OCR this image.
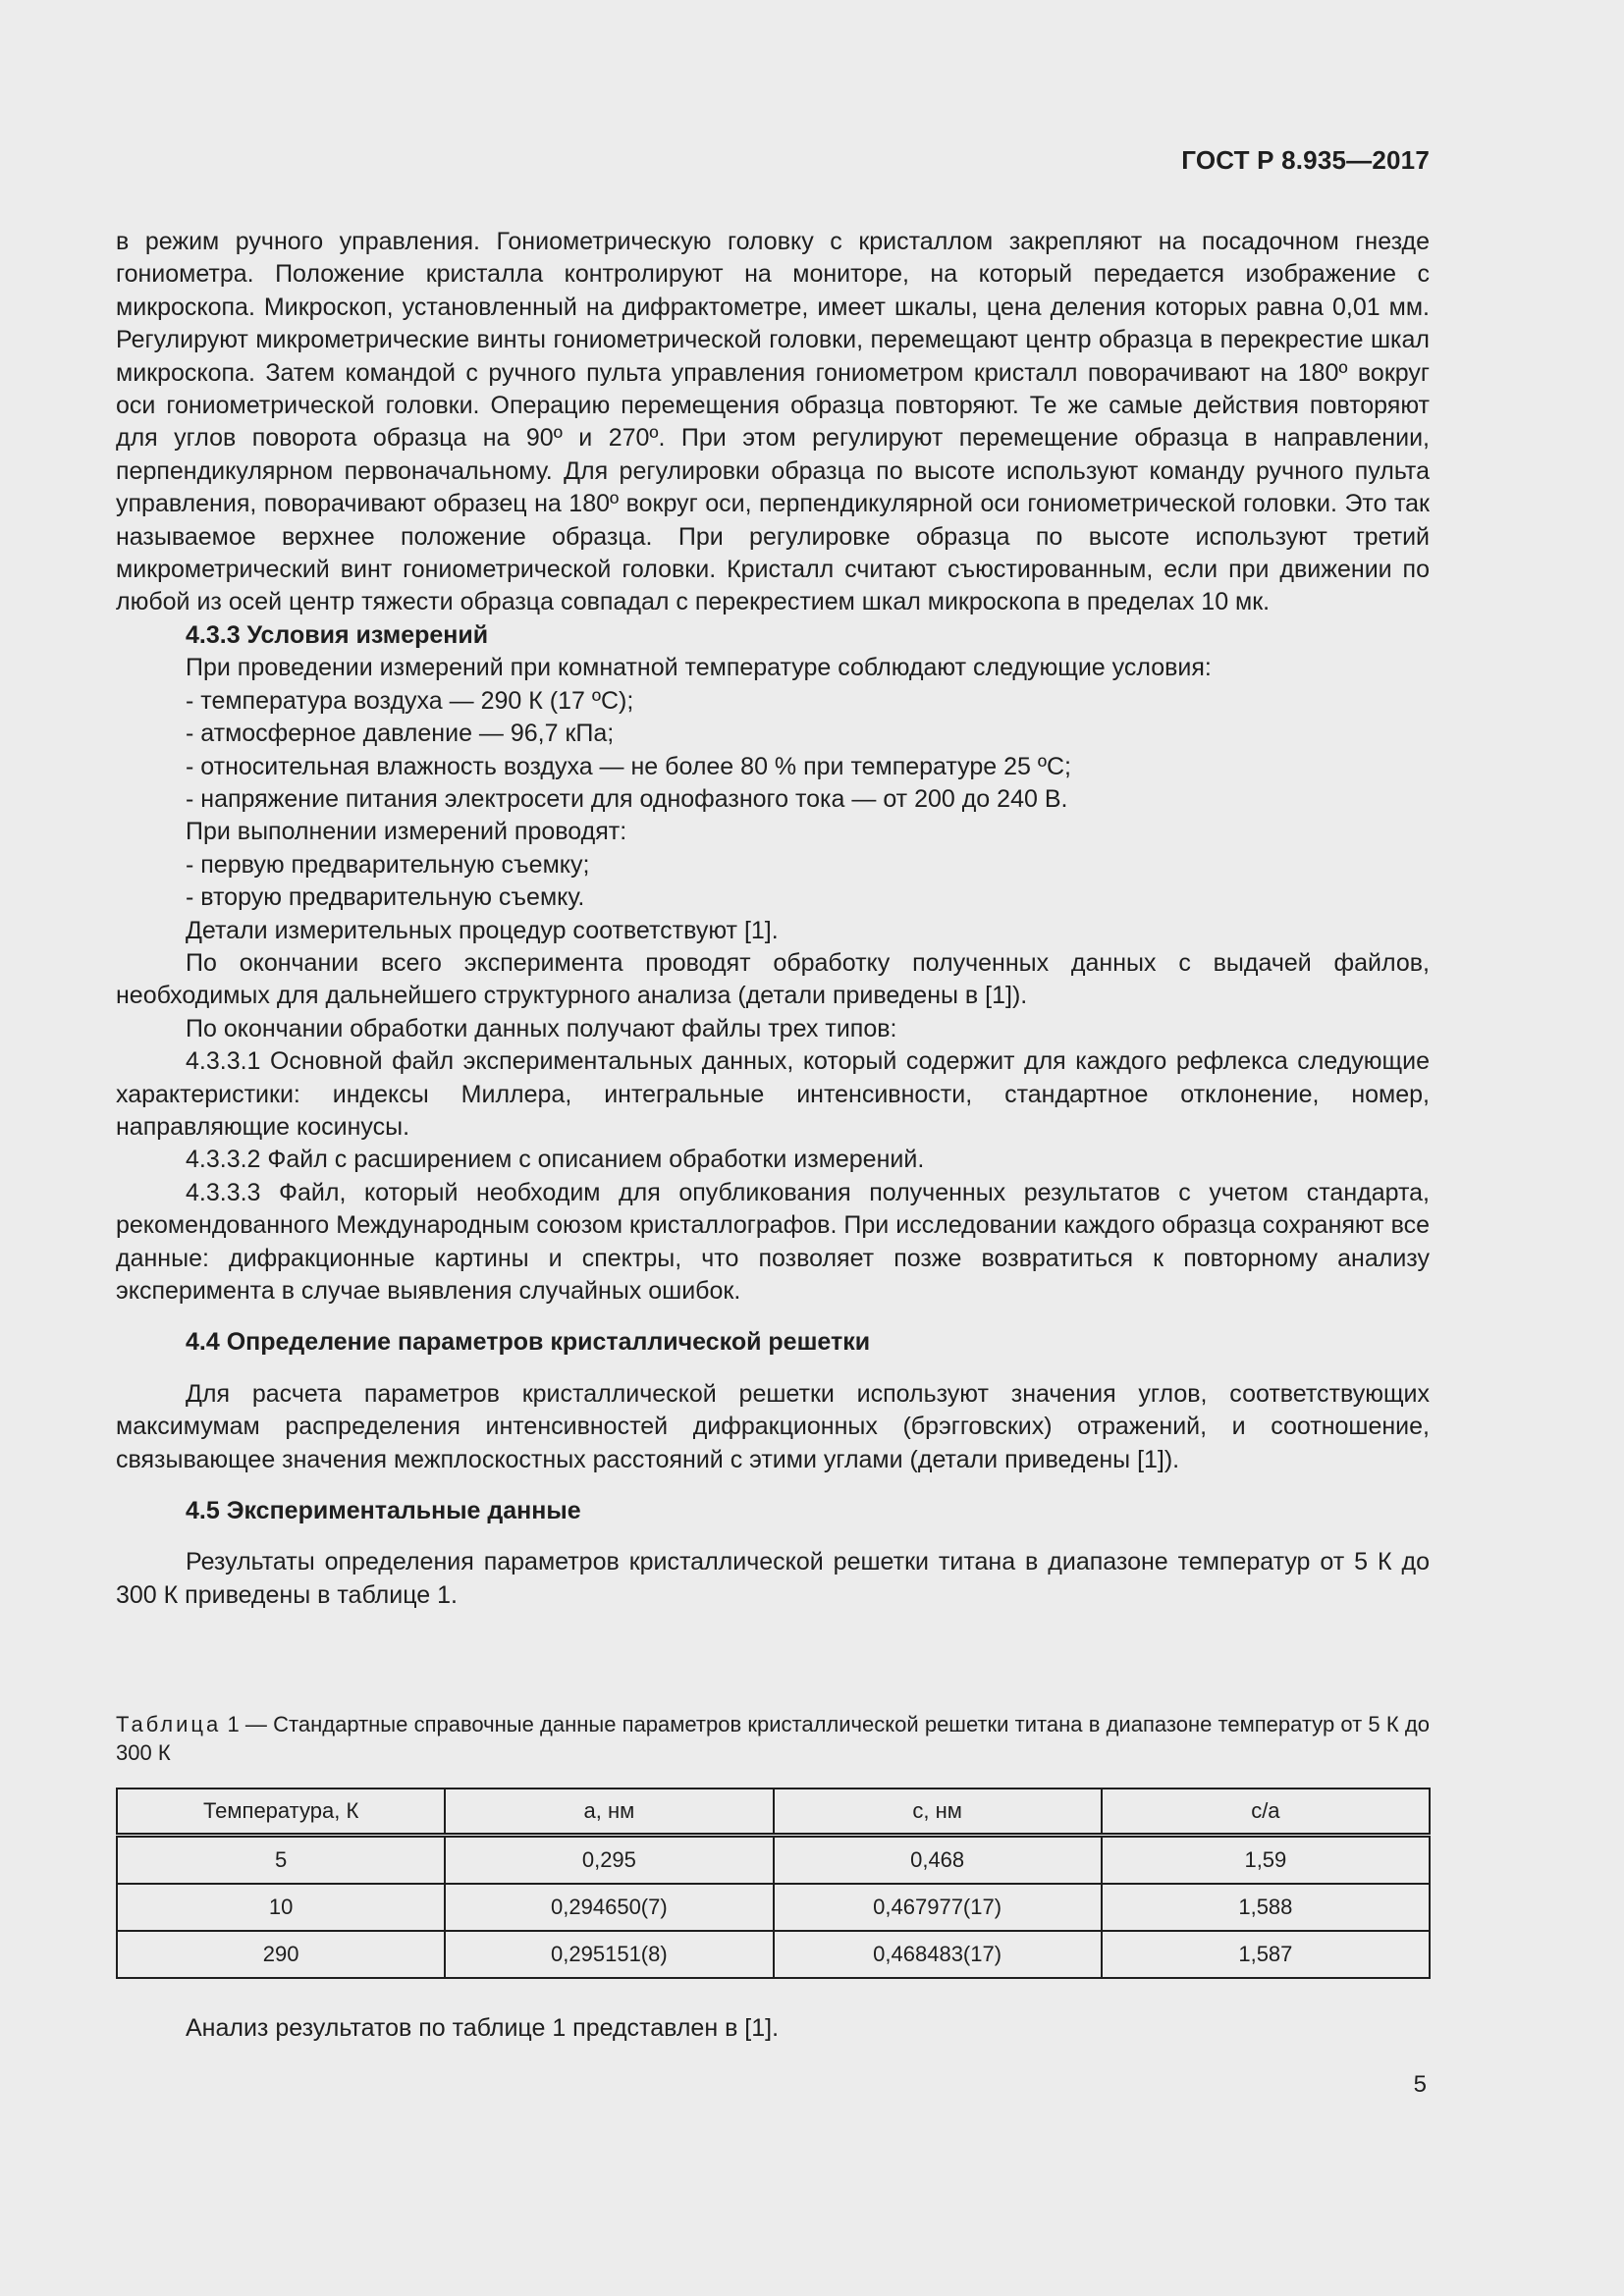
ГОСТ Р 8.935—2017

в режим ручного управления. Гониометрическую головку с кристаллом закрепляют на посадочном гнезде гониометра. Положение кристалла контролируют на мониторе, на который передается изображение с микроскопа. Микроскоп, установленный на дифрактометре, имеет шкалы, цена деления которых равна 0,01 мм. Регулируют микрометрические винты гониометрической головки, перемещают центр образца в перекрестие шкал микроскопа. Затем командой с ручного пульта управления гониометром кристалл поворачивают на 180º вокруг оси гониометрической головки. Операцию перемещения образца повторяют. Те же самые действия повторяют для углов поворота образца на 90º и 270º. При этом регулируют перемещение образца в направлении, перпендикулярном первоначальному. Для регулировки образца по высоте используют команду ручного пульта управления, поворачивают образец на 180º вокруг оси, перпендикулярной оси гониометрической головки. Это так называемое верхнее положение образца. При регулировке образца по высоте используют третий микрометрический винт гониометрической головки. Кристалл считают съюстированным, если при движении по любой из осей центр тяжести образца совпадал с перекрестием шкал микроскопа в пределах 10 мк.

4.3.3 Условия измерений

При проведении измерений при комнатной температуре соблюдают следующие условия:

- температура воздуха — 290 К (17 ºС);

- атмосферное давление — 96,7 кПа;

- относительная влажность воздуха — не более 80 % при температуре 25 ºС;

- напряжение питания электросети для однофазного тока — от 200 до 240 В.

При выполнении измерений проводят:

- первую предварительную съемку;

- вторую предварительную съемку.

Детали измерительных процедур соответствуют [1].

По окончании всего эксперимента проводят обработку полученных данных с выдачей файлов, необходимых для дальнейшего структурного анализа (детали приведены в [1]).

По окончании обработки данных получают файлы трех типов:

4.3.3.1 Основной файл экспериментальных данных, который содержит для каждого рефлекса следующие характеристики: индексы Миллера, интегральные интенсивности, стандартное отклонение, номер, направляющие косинусы.

4.3.3.2 Файл с расширением с описанием обработки измерений.

4.3.3.3 Файл, который необходим для опубликования полученных результатов с учетом стандарта, рекомендованного Международным союзом кристаллографов. При исследовании каждого образца сохраняют все данные: дифракционные картины и спектры, что позволяет позже возвратиться к повторному анализу эксперимента в случае выявления случайных ошибок.

4.4 Определение параметров кристаллической решетки

Для расчета параметров кристаллической решетки используют значения углов, соответствующих максимумам распределения интенсивностей дифракционных (брэгговских) отражений, и соотношение, связывающее значения межплоскостных расстояний с этими углами (детали приведены [1]).

4.5 Экспериментальные данные

Результаты определения параметров кристаллической решетки титана в диапазоне температур от 5 К до 300 К приведены в таблице 1.

Таблица 1 — Стандартные справочные данные параметров кристаллической решетки титана в диапазоне температур от 5 К до 300 К
Температура, К	а, нм	с, нм	с/а
5	0,295	0,468	1,59
10	0,294650(7)	0,467977(17)	1,588
290	0,295151(8)	0,468483(17)	1,587
Анализ результатов по таблице 1 представлен в [1].
5
